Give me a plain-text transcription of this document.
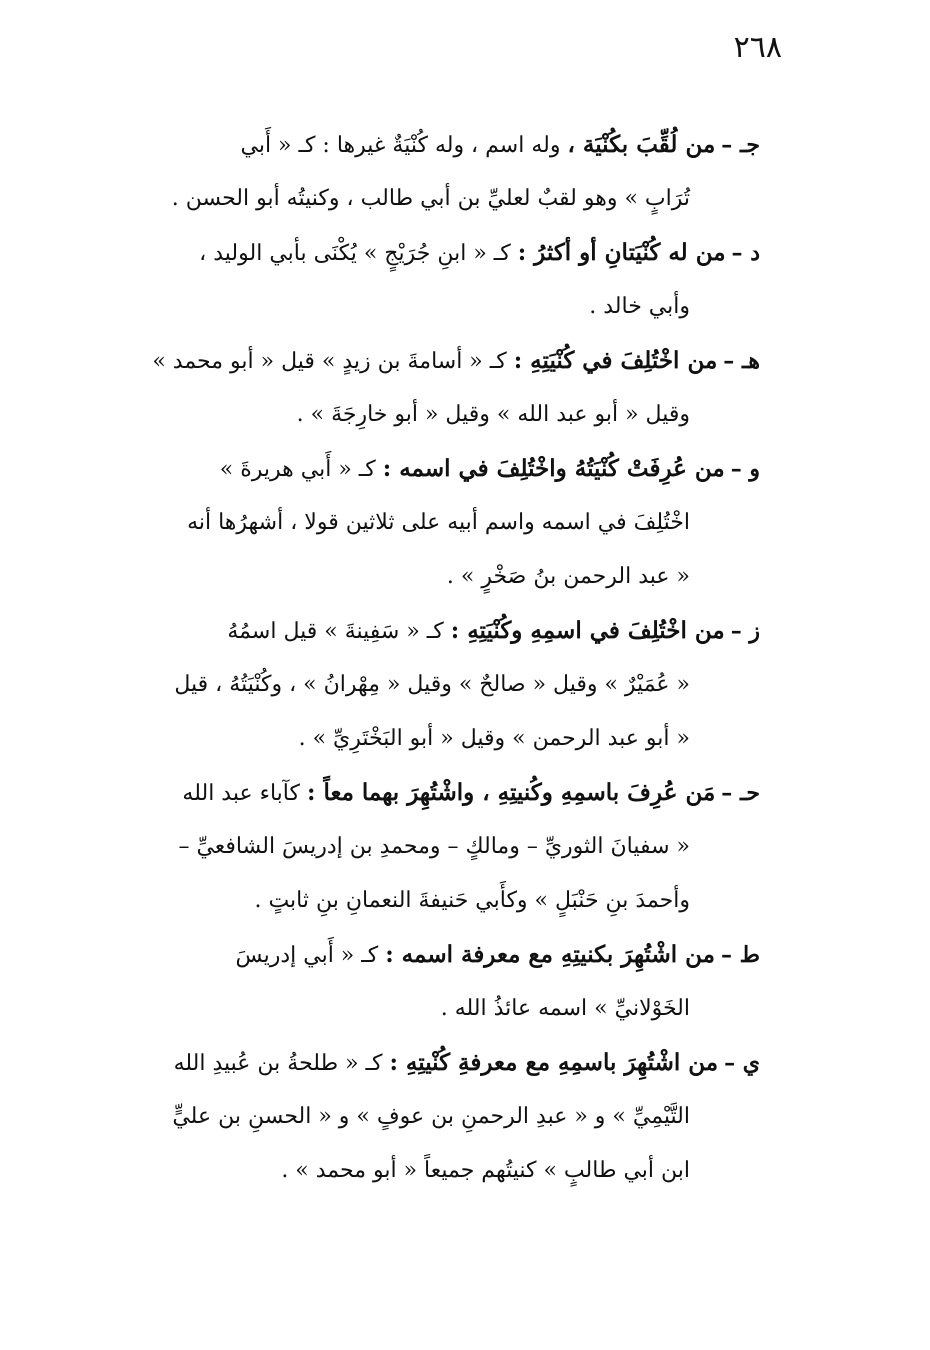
٢٦٨
جـ –من لُقِّبَ بكُنْيَة ، وله اسم ، وله كُنْيَةٌ غيرها : كـ « أَبي
تُرَابٍ » وهو لقبٌ لعليِّ بن أبي طالب ، وكنيتُه أبو الحسن .
د –من له كُنْيَتانِ أو أكثرُ : كـ « ابنِ جُرَيْجٍ » يُكْنَى بأبي الوليد ،
وأبي خالد .
هـ –من اخْتُلِفَ في كُنْيَتِهِ : كـ « أسامةَ بن زيدٍ » قيل « أبو محمد »
وقيل « أبو عبد الله » وقيل « أبو خارِجَةَ » .
و –من عُرِفَتْ كُنْيَتُهُ واخْتُلِفَ في اسمه : كـ « أَبي هريرةَ »
اخْتُلِفَ في اسمه واسم أبيه على ثلاثين قولا ، أشهرُها أنه
« عبد الرحمن بنُ صَخْرٍ » .
ز –من اخْتُلِفَ في اسمِهِ وكُنْيَتِهِ : كـ « سَفِينةَ » قيل اسمُهُ
« عُمَيْرٌ » وقيل « صالحٌ » وقيل « مِهْرانُ » ، وكُنْيَتُهُ ، قيل
« أبو عبد الرحمن » وقيل « أبو البَخْتَرِيِّ » .
حـ –مَن عُرِفَ باسمِهِ وكُنيتِهِ ، واشْتُهِرَ بهما معاً : كآباء عبد الله
« سفيانَ الثوريِّ – ومالكٍ – ومحمدِ بن إدريسَ الشافعيِّ –
وأحمدَ بنِ حَنْبَلٍ » وكأَبي حَنيفةَ النعمانِ بنِ ثابتٍ .
ط –من اشْتُهِرَ بكنيتِهِ مع معرفة اسمه : كـ « أَبي إدريسَ
الخَوْلانيِّ » اسمه عائذُ الله .
ي –من اشْتُهِرَ باسمِهِ مع معرفةِ كُنْيتِهِ : كـ « طلحةُ بن عُبيدِ الله
التَّيْمِيِّ » و « عبدِ الرحمنِ بن عوفٍ » و « الحسنِ بن عليٍّ
ابن أبي طالبٍ » كنيتُهم جميعاً « أبو محمد » .
